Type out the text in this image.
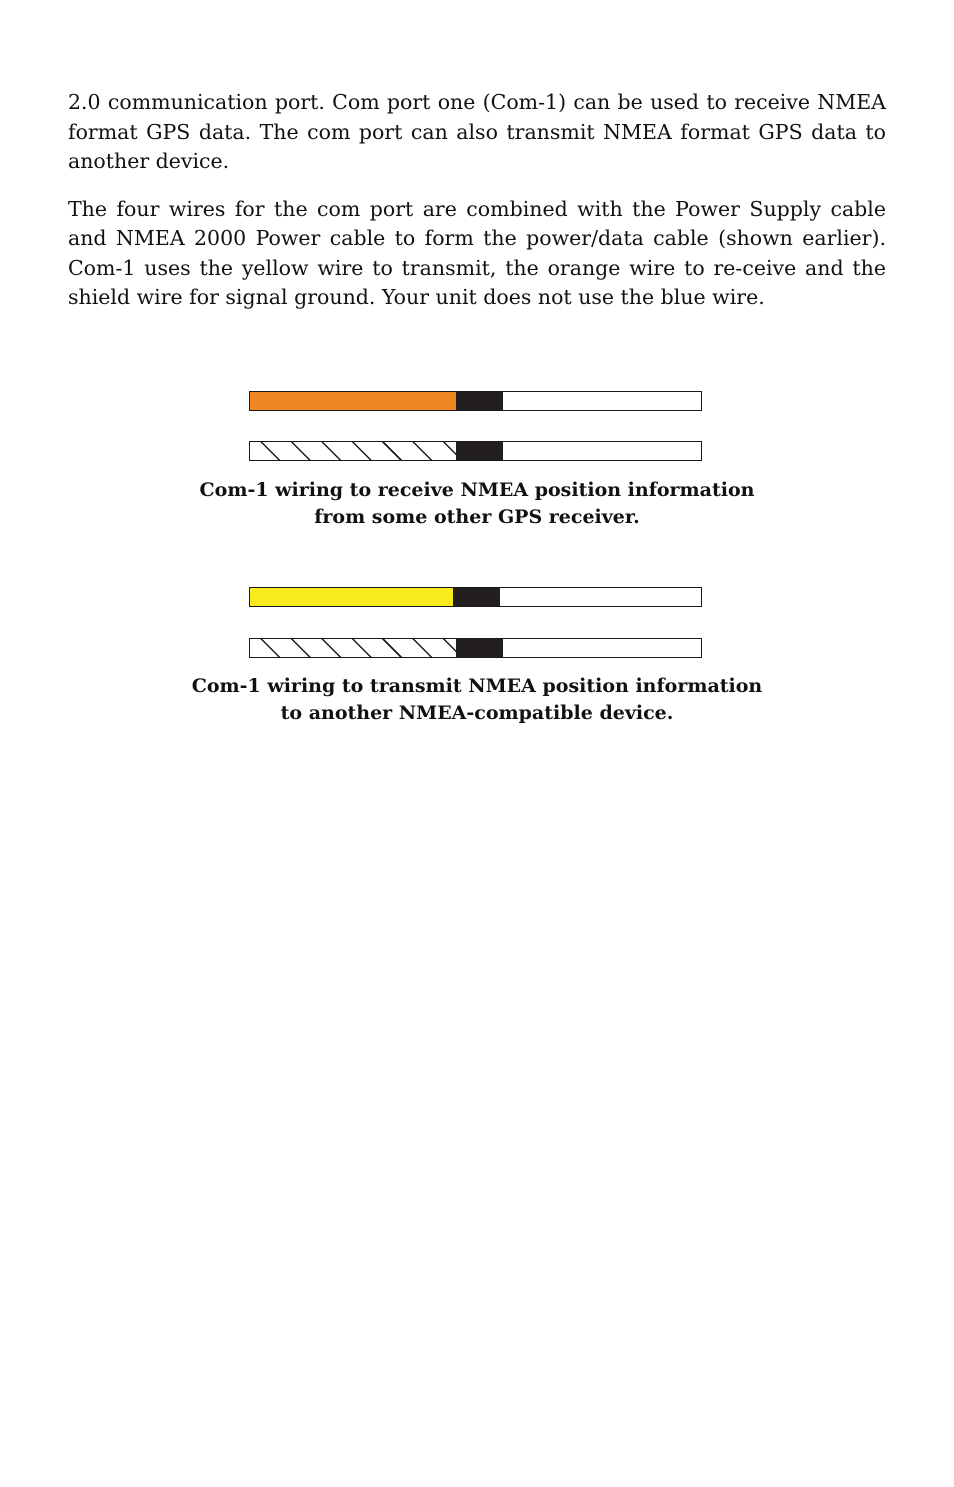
2.0 communication port. Com port one (Com-1) can be used to receive NMEA format GPS data. The com port can also transmit NMEA format GPS data to another device.

The four wires for the com port are combined with the Power Supply cable and NMEA 2000 Power cable to form the power/data cable (shown earlier). Com-1 uses the yellow wire to transmit, the orange wire to re-ceive and the shield wire for signal ground. Your unit does not use the blue wire.

Com-1 wiring to receive NMEA position information
from some other GPS receiver.
Com-1 wiring to transmit NMEA position information
to another NMEA-compatible device.
